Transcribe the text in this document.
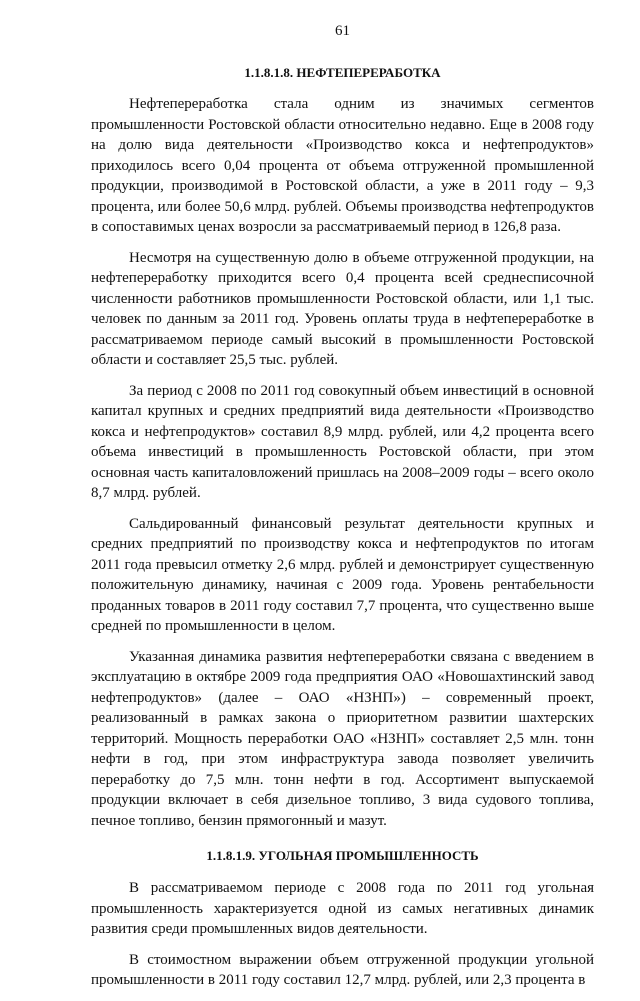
61
1.1.8.1.8. НЕФТЕПЕРЕРАБОТКА

Нефтепереработка стала одним из значимых сегментов промышленности Ростовской области относительно недавно. Еще в 2008 году на долю вида деятельности «Производство кокса и нефтепродуктов» приходилось всего 0,04 процента от объема отгруженной промышленной продукции, производимой в Ростовской области, а уже в 2011 году – 9,3 процента, или более 50,6 млрд. рублей. Объемы производства нефтепродуктов в сопоставимых ценах возросли за рассматриваемый период в 126,8 раза.

Несмотря на существенную долю в объеме отгруженной продукции, на нефтепереработку приходится всего 0,4 процента всей среднесписочной численности работников промышленности Ростовской области, или 1,1 тыс. человек по данным за 2011 год. Уровень оплаты труда в нефтепереработке в рассматриваемом периоде самый высокий в промышленности Ростовской области и составляет 25,5 тыс. рублей.

За период с 2008 по 2011 год совокупный объем инвестиций в основной капитал крупных и средних предприятий вида деятельности «Производство кокса и нефтепродуктов» составил 8,9 млрд. рублей, или 4,2 процента всего объема инвестиций в промышленность Ростовской области, при этом основная часть капиталовложений пришлась на 2008–2009 годы – всего около 8,7 млрд. рублей.

Сальдированный финансовый результат деятельности крупных и средних предприятий по производству кокса и нефтепродуктов по итогам 2011 года превысил отметку 2,6 млрд. рублей и демонстрирует существенную положительную динамику, начиная с 2009 года. Уровень рентабельности проданных товаров в 2011 году составил 7,7 процента, что существенно выше средней по промышленности в целом.

Указанная динамика развития нефтепереработки связана с введением в эксплуатацию в октябре 2009 года предприятия ОАО «Новошахтинский завод нефтепродуктов» (далее – ОАО «НЗНП») – современный проект, реализованный в рамках закона о приоритетном развитии шахтерских территорий. Мощность переработки ОАО «НЗНП» составляет 2,5 млн. тонн нефти в год, при этом инфраструктура завода позволяет увеличить переработку до 7,5 млн. тонн нефти в год. Ассортимент выпускаемой продукции включает в себя дизельное топливо, 3 вида судового топлива, печное топливо, бензин прямогонный и мазут.

1.1.8.1.9. УГОЛЬНАЯ ПРОМЫШЛЕННОСТЬ

В рассматриваемом периоде с 2008 года по 2011 год угольная промышленность характеризуется одной из самых негативных динамик развития среди промышленных видов деятельности.

В стоимостном выражении объем отгруженной продукции угольной промышленности в 2011 году составил 12,7 млрд. рублей, или 2,3 процента в
